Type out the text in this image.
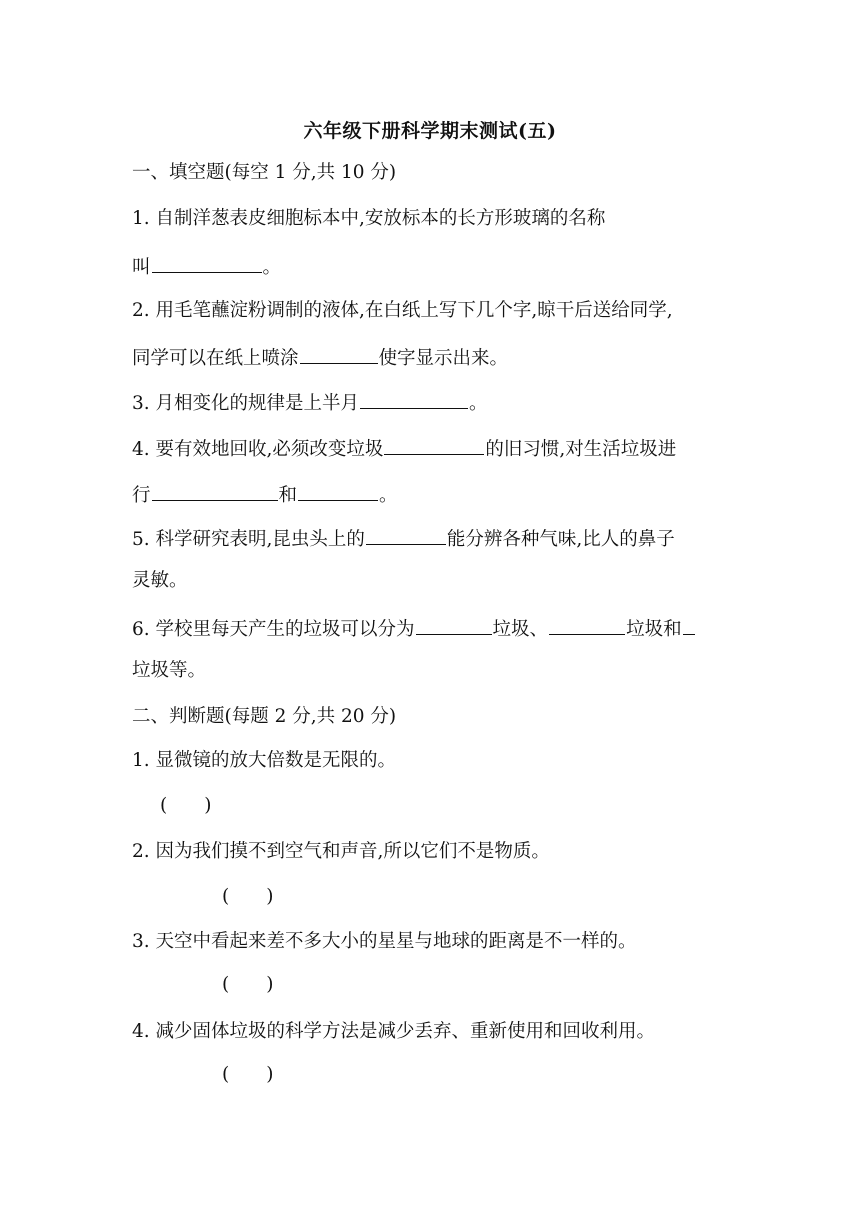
六年级下册科学期末测试(五)
一、填空题(每空 1 分,共 10 分)
1. 自制洋葱表皮细胞标本中,安放标本的长方形玻璃的名称
叫	。
2. 用毛笔蘸淀粉调制的液体,在白纸上写下几个字,晾干后送给同学,
同学可以在纸上喷涂	使字显示出来。
3. 月相变化的规律是上半月	。
4. 要有效地回收,必须改变垃圾	的旧习惯,对生活垃圾进
行	和	。
5. 科学研究表明,昆虫头上的	能分辨各种气味,比人的鼻子
灵敏。
6. 学校里每天产生的垃圾可以分为	垃圾、	垃圾和
垃圾等。
二、判断题(每题 2 分,共 20 分)
1. 显微镜的放大倍数是无限的。
(　　)
2. 因为我们摸不到空气和声音,所以它们不是物质。
(　　)
3. 天空中看起来差不多大小的星星与地球的距离是不一样的。
(　　)
4. 减少固体垃圾的科学方法是减少丢弃、重新使用和回收利用。
(　　)
